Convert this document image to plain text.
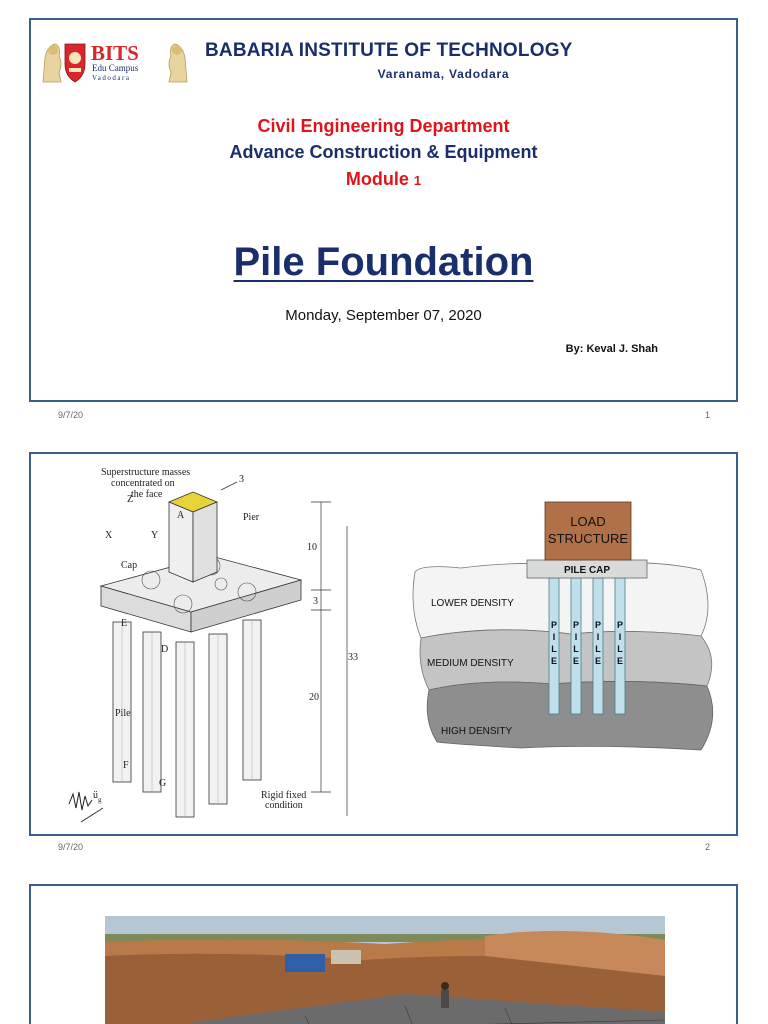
BITS
Edu Campus
Vadodara
BABARIA INSTITUTE OF TECHNOLOGY
Varanama, Vadodara
Civil Engineering Department
Advance Construction & Equipment
Module 1
Pile Foundation
Monday, September 07, 2020
By: Keval J. Shah
9/7/20	1
Superstructure masses
concentrated on
the face
3
Z
X	Y
A	Pier
Cap
E
D
Pile
F
G
$ü_g$
10
3
33
20
Rigid fixed
condition
LOAD
STRUCTURE
PILE CAP
LOWER DENSITY
MEDIUM DENSITY
HIGH DENSITY
P
I
L
E
P
I
L
E
P
I
L
E
P
I
L
E
9/7/20	2
